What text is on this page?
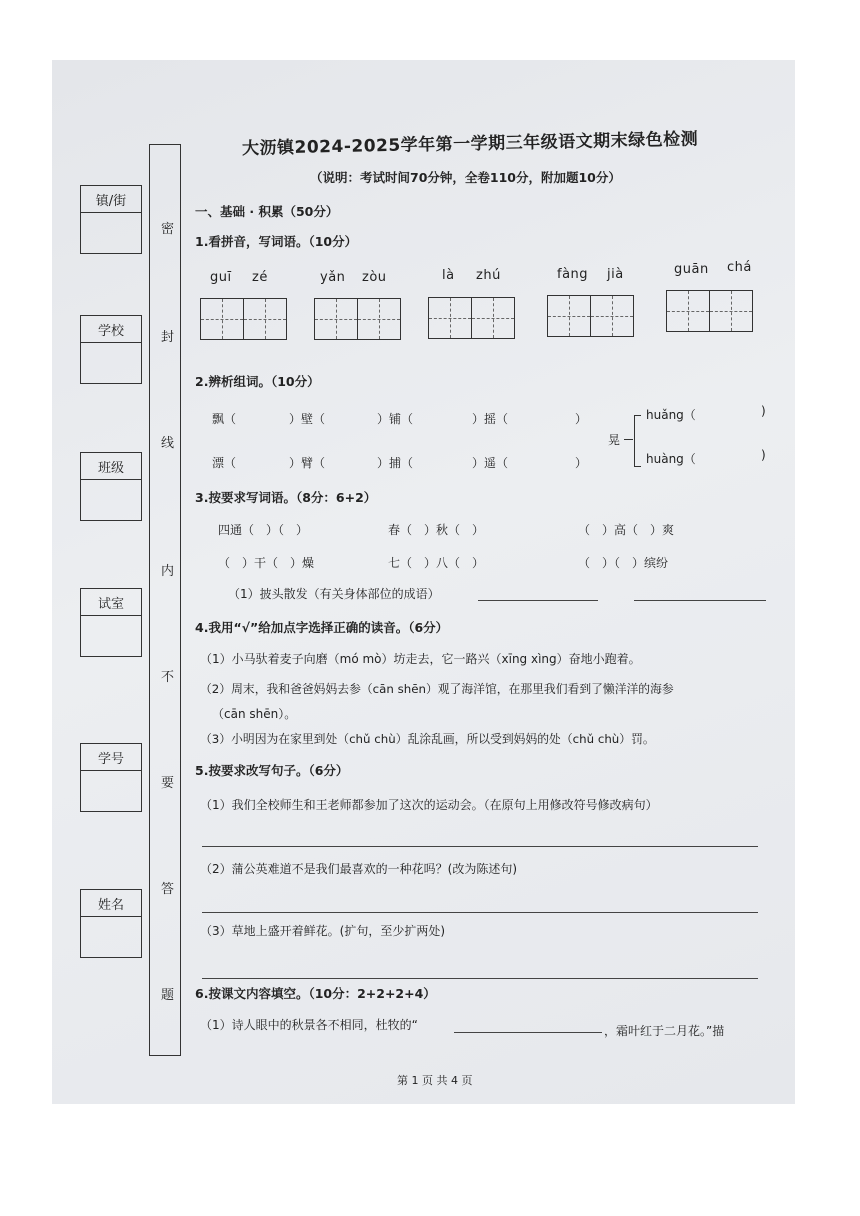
镇/街
学校
班级
试室
学号
姓名
密
封
线
内
不
要
答
题
大沥镇2024-2025学年第一学期三年级语文期末绿色检测
（说明：考试时间70分钟，全卷110分，附加题10分）
一、基础 · 积累（50分）
1.看拼音，写词语。（10分）
guī zé	yǎn zòu	là zhú	fàng jià	guān chá
2.辨析组词。（10分）
飘（	）壁（	）铺（	）摇（	）
漂（	）臂（	）捕（	）遥（	）
晃
huǎng（	)
huàng（	)
3.按要求写词语。（8分：6+2）
四通（　）（　）	春（　）秋（　）	（　）高（　）爽
（　）干（　）燥	七（　）八（　）	（　）（　）缤纷
（1）披头散发（有关身体部位的成语）
4.我用“√”给加点字选择正确的读音。（6分）
（1）小马驮着麦子向磨（mó mò）坊走去，它一路兴（xīng xìng）奋地小跑着。
（2）周末，我和爸爸妈妈去参（cān shēn）观了海洋馆，在那里我们看到了懒洋洋的海参
（cān shēn）。
（3）小明因为在家里到处（chǔ chù）乱涂乱画，所以受到妈妈的处（chǔ chù）罚。
5.按要求改写句子。（6分）
（1）我们全校师生和王老师都参加了这次的运动会。（在原句上用修改符号修改病句）
（2）蒲公英难道不是我们最喜欢的一种花吗？(改为陈述句)
（3）草地上盛开着鲜花。(扩句，至少扩两处)
6.按课文内容填空。（10分：2+2+2+4）
（1）诗人眼中的秋景各不相同，杜牧的“	，霜叶红于二月花。”描
第 1 页 共 4 页
